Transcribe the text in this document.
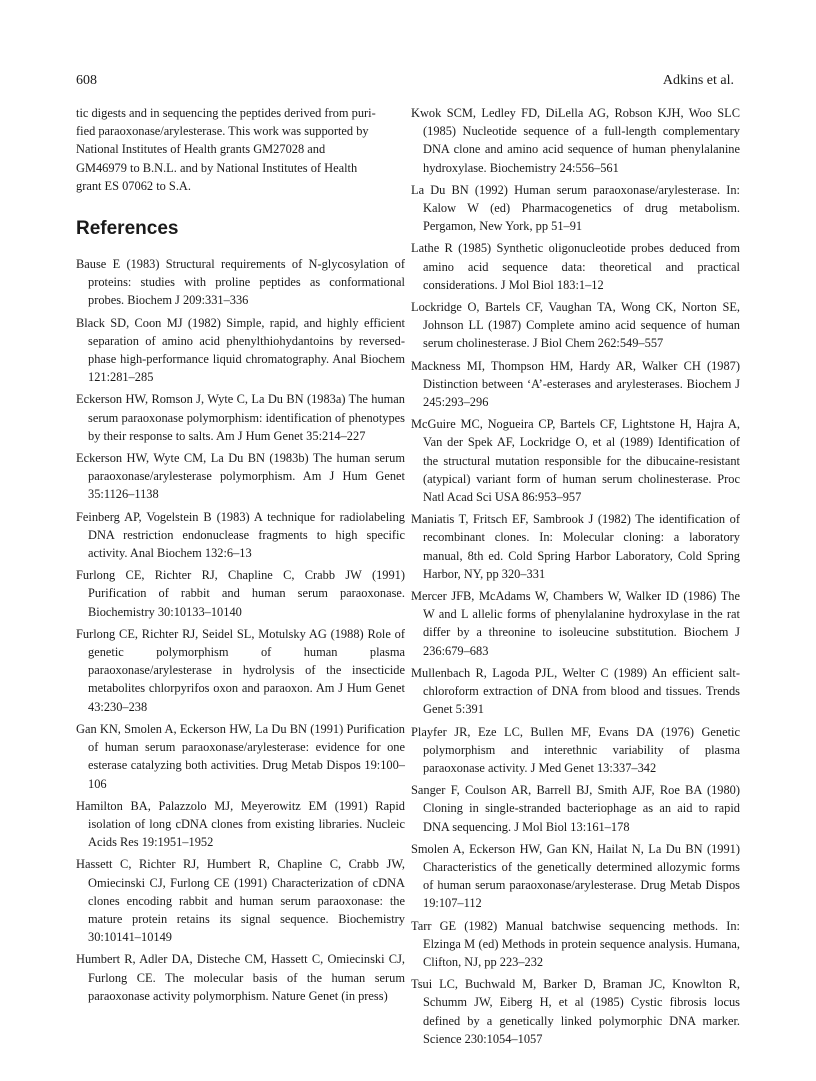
608	Adkins et al.

tic digests and in sequencing the peptides derived from puri-
fied paraoxonase/arylesterase. This work was supported by
National Institutes of Health grants GM27028 and
GM46979 to B.N.L. and by National Institutes of Health
grant ES 07062 to S.A.

References

Bause E (1983) Structural requirements of N-glycosylation of proteins: studies with proline peptides as conformational probes. Biochem J 209:331–336

Black SD, Coon MJ (1982) Simple, rapid, and highly efficient separation of amino acid phenylthiohydantoins by reversed-phase high-performance liquid chromatography. Anal Biochem 121:281–285

Eckerson HW, Romson J, Wyte C, La Du BN (1983a) The human serum paraoxonase polymorphism: identification of phenotypes by their response to salts. Am J Hum Genet 35:214–227

Eckerson HW, Wyte CM, La Du BN (1983b) The human serum paraoxonase/arylesterase polymorphism. Am J Hum Genet 35:1126–1138

Feinberg AP, Vogelstein B (1983) A technique for radiolabeling DNA restriction endonuclease fragments to high specific activity. Anal Biochem 132:6–13

Furlong CE, Richter RJ, Chapline C, Crabb JW (1991) Purification of rabbit and human serum paraoxonase. Biochemistry 30:10133–10140

Furlong CE, Richter RJ, Seidel SL, Motulsky AG (1988) Role of genetic polymorphism of human plasma paraoxonase/arylesterase in hydrolysis of the insecticide metabolites chlorpyrifos oxon and paraoxon. Am J Hum Genet 43:230–238

Gan KN, Smolen A, Eckerson HW, La Du BN (1991) Purification of human serum paraoxonase/arylesterase: evidence for one esterase catalyzing both activities. Drug Metab Dispos 19:100–106

Hamilton BA, Palazzolo MJ, Meyerowitz EM (1991) Rapid isolation of long cDNA clones from existing libraries. Nucleic Acids Res 19:1951–1952

Hassett C, Richter RJ, Humbert R, Chapline C, Crabb JW, Omiecinski CJ, Furlong CE (1991) Characterization of cDNA clones encoding rabbit and human serum paraoxonase: the mature protein retains its signal sequence. Biochemistry 30:10141–10149

Humbert R, Adler DA, Disteche CM, Hassett C, Omiecinski CJ, Furlong CE. The molecular basis of the human serum paraoxonase activity polymorphism. Nature Genet (in press)

Kwok SCM, Ledley FD, DiLella AG, Robson KJH, Woo SLC (1985) Nucleotide sequence of a full-length complementary DNA clone and amino acid sequence of human phenylalanine hydroxylase. Biochemistry 24:556–561

La Du BN (1992) Human serum paraoxonase/arylesterase. In: Kalow W (ed) Pharmacogenetics of drug metabolism. Pergamon, New York, pp 51–91

Lathe R (1985) Synthetic oligonucleotide probes deduced from amino acid sequence data: theoretical and practical considerations. J Mol Biol 183:1–12

Lockridge O, Bartels CF, Vaughan TA, Wong CK, Norton SE, Johnson LL (1987) Complete amino acid sequence of human serum cholinesterase. J Biol Chem 262:549–557

Mackness MI, Thompson HM, Hardy AR, Walker CH (1987) Distinction between ‘A’-esterases and arylesterases. Biochem J 245:293–296

McGuire MC, Nogueira CP, Bartels CF, Lightstone H, Hajra A, Van der Spek AF, Lockridge O, et al (1989) Identification of the structural mutation responsible for the dibucaine-resistant (atypical) variant form of human serum cholinesterase. Proc Natl Acad Sci USA 86:953–957

Maniatis T, Fritsch EF, Sambrook J (1982) The identification of recombinant clones. In: Molecular cloning: a laboratory manual, 8th ed. Cold Spring Harbor Laboratory, Cold Spring Harbor, NY, pp 320–331

Mercer JFB, McAdams W, Chambers W, Walker ID (1986) The W and L allelic forms of phenylalanine hydroxylase in the rat differ by a threonine to isoleucine substitution. Biochem J 236:679–683

Mullenbach R, Lagoda PJL, Welter C (1989) An efficient salt-chloroform extraction of DNA from blood and tissues. Trends Genet 5:391

Playfer JR, Eze LC, Bullen MF, Evans DA (1976) Genetic polymorphism and interethnic variability of plasma paraoxonase activity. J Med Genet 13:337–342

Sanger F, Coulson AR, Barrell BJ, Smith AJF, Roe BA (1980) Cloning in single-stranded bacteriophage as an aid to rapid DNA sequencing. J Mol Biol 13:161–178

Smolen A, Eckerson HW, Gan KN, Hailat N, La Du BN (1991) Characteristics of the genetically determined allozymic forms of human serum paraoxonase/arylesterase. Drug Metab Dispos 19:107–112

Tarr GE (1982) Manual batchwise sequencing methods. In: Elzinga M (ed) Methods in protein sequence analysis. Humana, Clifton, NJ, pp 223–232

Tsui LC, Buchwald M, Barker D, Braman JC, Knowlton R, Schumm JW, Eiberg H, et al (1985) Cystic fibrosis locus defined by a genetically linked polymorphic DNA marker. Science 230:1054–1057
